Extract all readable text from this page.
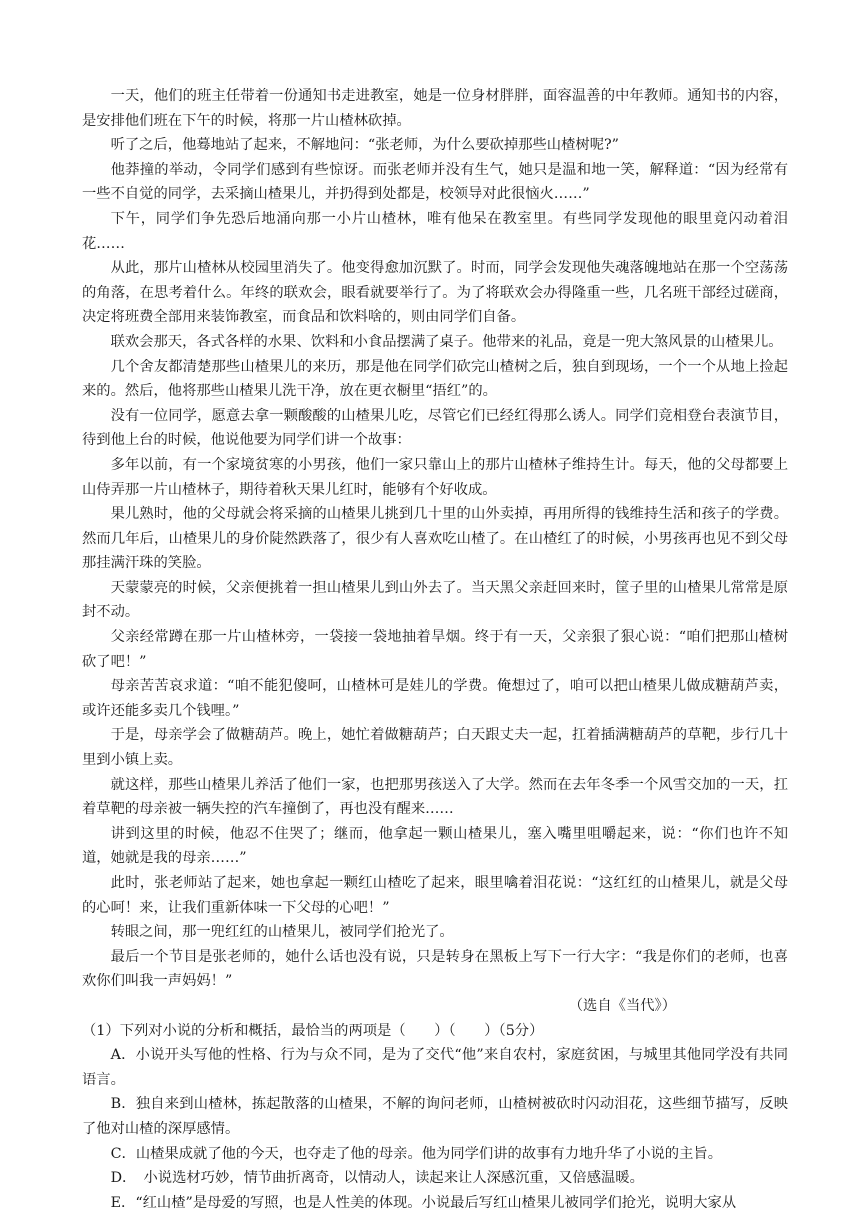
一天，他们的班主任带着一份通知书走进教室，她是一位身材胖胖，面容温善的中年教师。通知书的内容，是安排他们班在下午的时候，将那一片山楂林砍掉。

听了之后，他蓦地站了起来，不解地问：“张老师，为什么要砍掉那些山楂树呢?”

他莽撞的举动，令同学们感到有些惊讶。而张老师并没有生气，她只是温和地一笑，解释道：“因为经常有一些不自觉的同学，去采摘山楂果儿，并扔得到处都是，校领导对此很恼火……”

下午，同学们争先恐后地涌向那一小片山楂林，唯有他呆在教室里。有些同学发现他的眼里竟闪动着泪花……

从此，那片山楂林从校园里消失了。他变得愈加沉默了。时而，同学会发现他失魂落魄地站在那一个空荡荡的角落，在思考着什么。年终的联欢会，眼看就要举行了。为了将联欢会办得隆重一些，几名班干部经过磋商，决定将班费全部用来装饰教室，而食品和饮料啥的，则由同学们自备。

联欢会那天，各式各样的水果、饮料和小食品摆满了桌子。他带来的礼品，竟是一兜大煞风景的山楂果儿。

几个舍友都清楚那些山楂果儿的来历，那是他在同学们砍完山楂树之后，独自到现场，一个一个从地上捡起来的。然后，他将那些山楂果儿洗干净，放在更衣橱里“捂红”的。

没有一位同学，愿意去拿一颗酸酸的山楂果儿吃，尽管它们已经红得那么诱人。同学们竞相登台表演节目，待到他上台的时候，他说他要为同学们讲一个故事：

多年以前，有一个家境贫寒的小男孩，他们一家只靠山上的那片山楂林子维持生计。每天，他的父母都要上山侍弄那一片山楂林子，期待着秋天果儿红时，能够有个好收成。

果儿熟时，他的父母就会将采摘的山楂果儿挑到几十里的山外卖掉，再用所得的钱维持生活和孩子的学费。然而几年后，山楂果儿的身价陡然跌落了，很少有人喜欢吃山楂了。在山楂红了的时候，小男孩再也见不到父母那挂满汗珠的笑脸。

天蒙蒙亮的时候，父亲便挑着一担山楂果儿到山外去了。当天黑父亲赶回来时，筐子里的山楂果儿常常是原封不动。

父亲经常蹲在那一片山楂林旁，一袋接一袋地抽着旱烟。终于有一天，父亲狠了狠心说：“咱们把那山楂树砍了吧！”

母亲苦苦哀求道：“咱不能犯傻呵，山楂林可是娃儿的学费。俺想过了，咱可以把山楂果儿做成糖葫芦卖，或许还能多卖几个钱哩。”

于是，母亲学会了做糖葫芦。晚上，她忙着做糖葫芦；白天跟丈夫一起，扛着插满糖葫芦的草靶，步行几十里到小镇上卖。

就这样，那些山楂果儿养活了他们一家，也把那男孩送入了大学。然而在去年冬季一个风雪交加的一天，扛着草靶的母亲被一辆失控的汽车撞倒了，再也没有醒来……

讲到这里的时候，他忍不住哭了；继而，他拿起一颗山楂果儿，塞入嘴里咀嚼起来，说：“你们也许不知道，她就是我的母亲……”

此时，张老师站了起来，她也拿起一颗红山楂吃了起来，眼里噙着泪花说：“这红红的山楂果儿，就是父母的心呵！来，让我们重新体味一下父母的心吧！”

转眼之间，那一兜红红的山楂果儿，被同学们抢光了。

最后一个节目是张老师的，她什么话也没有说，只是转身在黑板上写下一行大字：“我是你们的老师，也喜欢你们叫我一声妈妈！”

（选自《当代》）

（1）下列对小说的分析和概括，最恰当的两项是（　　）（　　）（5分）

A．小说开头写他的性格、行为与众不同，是为了交代“他”来自农村，家庭贫困，与城里其他同学没有共同语言。

B．独自来到山楂林，拣起散落的山楂果，不解的询问老师，山楂树被砍时闪动泪花，这些细节描写，反映了他对山楂的深厚感情。

C．山楂果成就了他的今天，也夺走了他的母亲。他为同学们讲的故事有力地升华了小说的主旨。

D．　小说选材巧妙，情节曲折离奇，以情动人，读起来让人深感沉重，又倍感温暖。

E．“红山楂”是母爱的写照，也是人性美的体现。小说最后写红山楂果儿被同学们抢光，说明大家从
